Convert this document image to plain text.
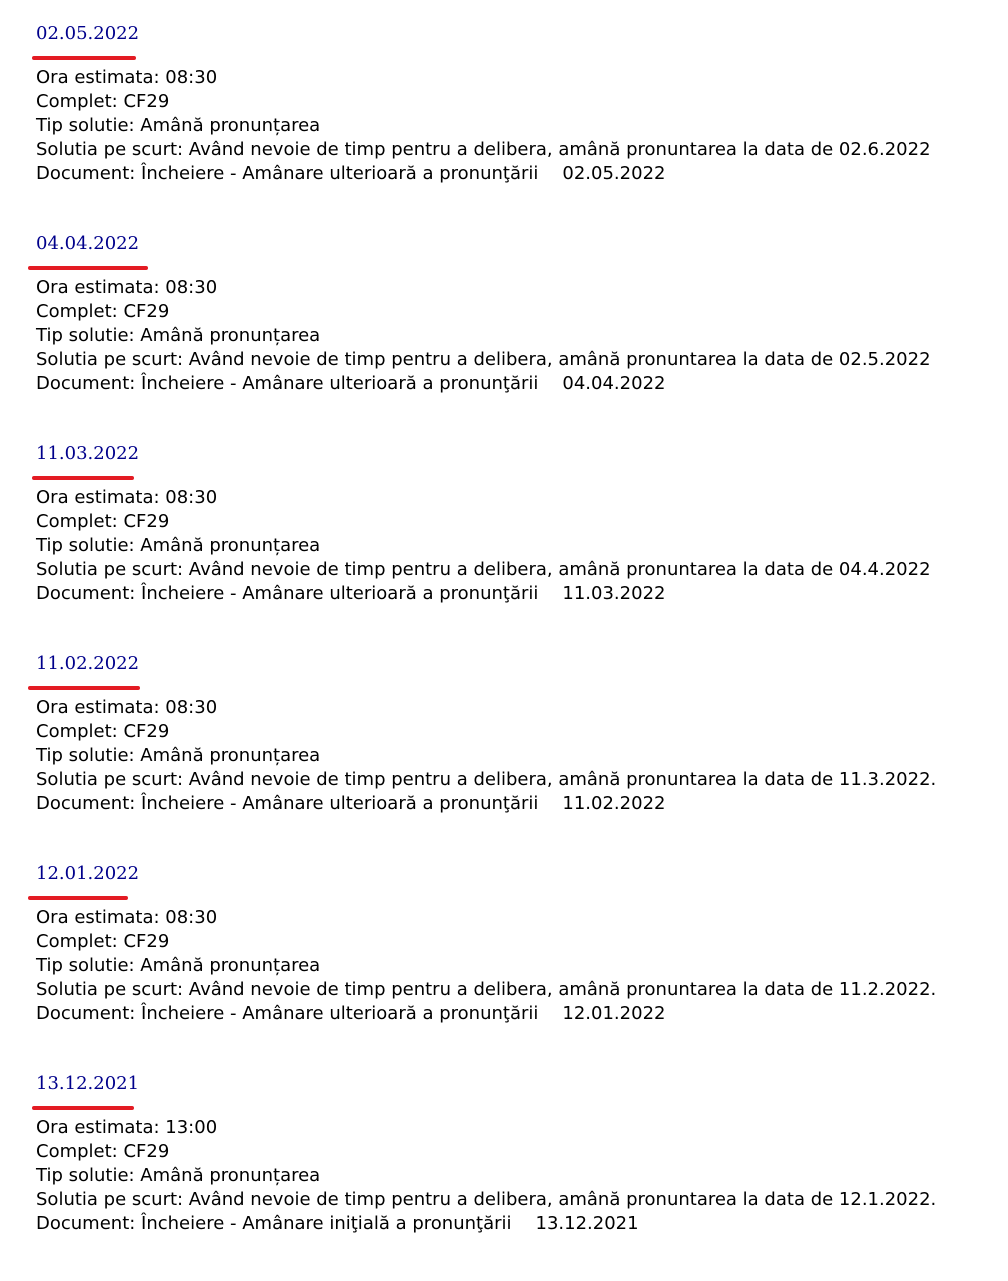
02.05.2022
Ora estimata: 08:30
Complet: CF29
Tip solutie: Amână pronunțarea
Solutia pe scurt: Având nevoie de timp pentru a delibera, amână pronuntarea la data de 02.6.2022
Document: Încheiere - Amânare ulterioară a pronunţării 02.05.2022
04.04.2022
Ora estimata: 08:30
Complet: CF29
Tip solutie: Amână pronunțarea
Solutia pe scurt: Având nevoie de timp pentru a delibera, amână pronuntarea la data de 02.5.2022
Document: Încheiere - Amânare ulterioară a pronunţării 04.04.2022
11.03.2022
Ora estimata: 08:30
Complet: CF29
Tip solutie: Amână pronunțarea
Solutia pe scurt: Având nevoie de timp pentru a delibera, amână pronuntarea la data de 04.4.2022
Document: Încheiere - Amânare ulterioară a pronunţării 11.03.2022
11.02.2022
Ora estimata: 08:30
Complet: CF29
Tip solutie: Amână pronunțarea
Solutia pe scurt: Având nevoie de timp pentru a delibera, amână pronuntarea la data de 11.3.2022.
Document: Încheiere - Amânare ulterioară a pronunţării 11.02.2022
12.01.2022
Ora estimata: 08:30
Complet: CF29
Tip solutie: Amână pronunțarea
Solutia pe scurt: Având nevoie de timp pentru a delibera, amână pronuntarea la data de 11.2.2022.
Document: Încheiere - Amânare ulterioară a pronunţării 12.01.2022
13.12.2021
Ora estimata: 13:00
Complet: CF29
Tip solutie: Amână pronunțarea
Solutia pe scurt: Având nevoie de timp pentru a delibera, amână pronuntarea la data de 12.1.2022.
Document: Încheiere - Amânare iniţială a pronunţării 13.12.2021
